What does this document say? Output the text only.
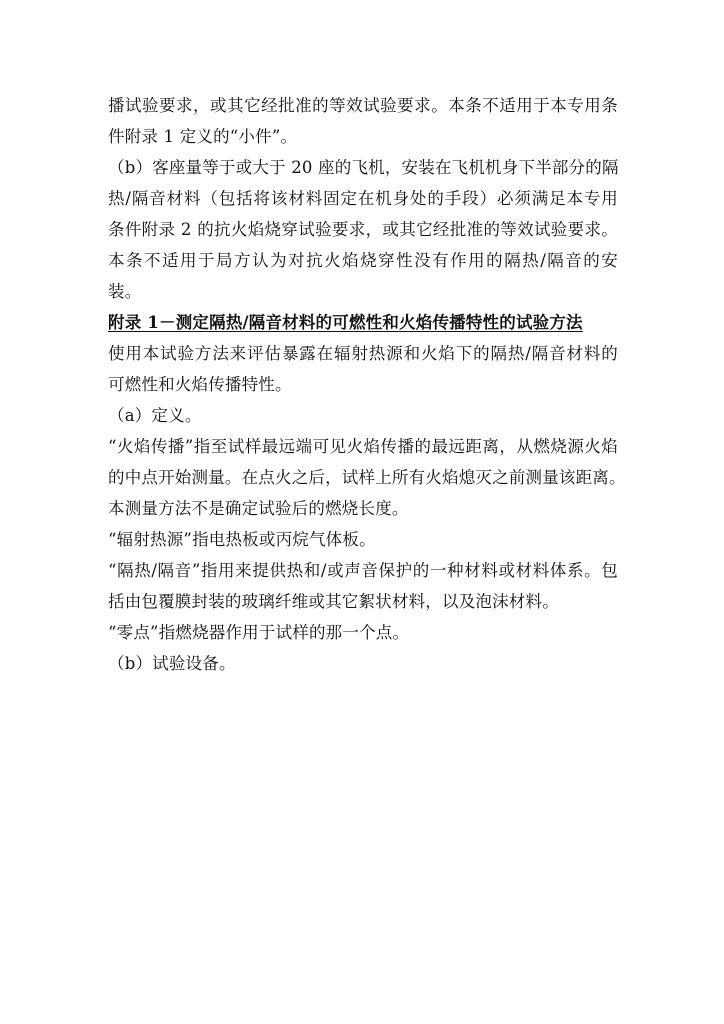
播试验要求，或其它经批准的等效试验要求。本条不适用于本专用条
件附录 1 定义的“小件”。
（b）客座量等于或大于 20 座的飞机，安装在飞机机身下半部分的隔
热/隔音材料（包括将该材料固定在机身处的手段）必须满足本专用
条件附录 2 的抗火焰烧穿试验要求，或其它经批准的等效试验要求。
本条不适用于局方认为对抗火焰烧穿性没有作用的隔热/隔音的安
装。
附录 1－测定隔热/隔音材料的可燃性和火焰传播特性的试验方法
使用本试验方法来评估暴露在辐射热源和火焰下的隔热/隔音材料的
可燃性和火焰传播特性。
（a）定义。
“火焰传播”指至试样最远端可见火焰传播的最远距离，从燃烧源火焰
的中点开始测量。在点火之后，试样上所有火焰熄灭之前测量该距离。
本测量方法不是确定试验后的燃烧长度。
“辐射热源”指电热板或丙烷气体板。
“隔热/隔音”指用来提供热和/或声音保护的一种材料或材料体系。包
括由包覆膜封装的玻璃纤维或其它絮状材料，以及泡沫材料。
“零点”指燃烧器作用于试样的那一个点。
（b）试验设备。
